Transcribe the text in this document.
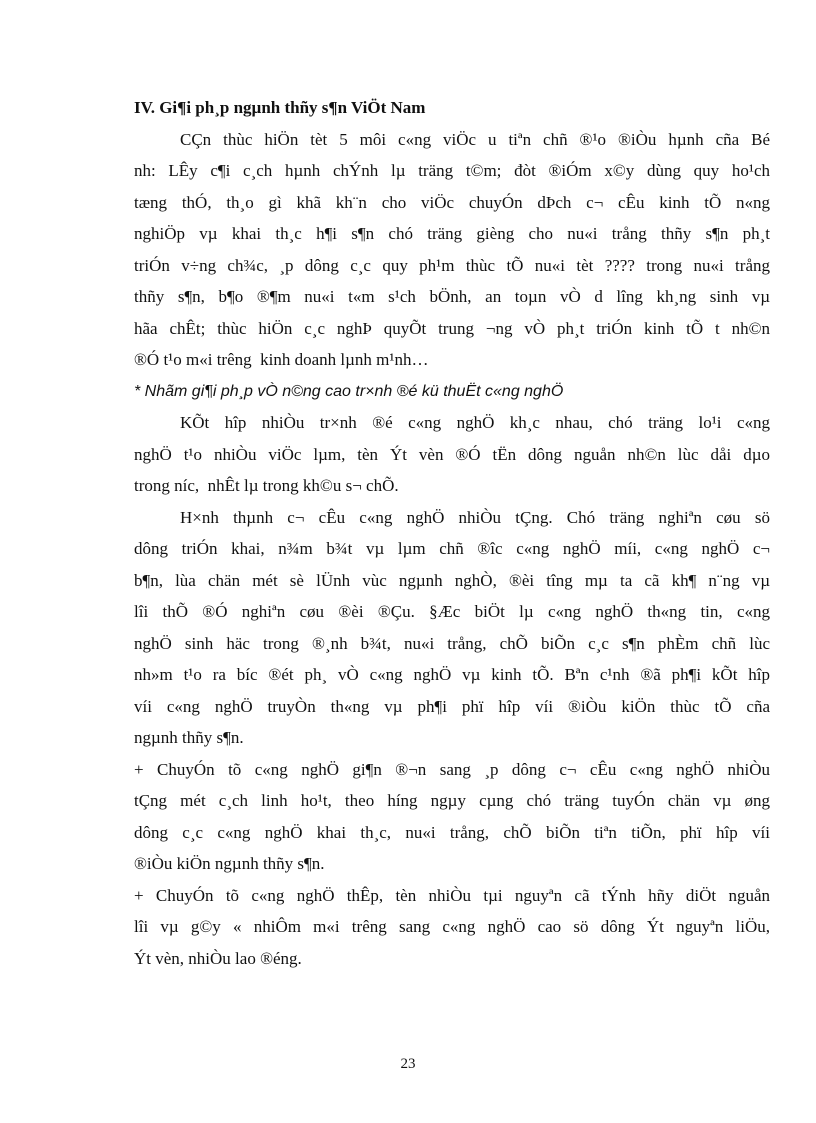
IV. Gi¶i ph¸p ngµnh thñy s¶n ViÖt Nam
CÇn thùc hiÖn tèt 5 môi c«ng viÖc u tiªn chñ ®¹o ®iÒu hµnh cña Bé
nh: LÊy c¶i c¸ch hµnh chÝnh lµ träng t©m; đòt ®iÓm x©y dùng quy ho¹ch
tæng thÓ, th¸o gì khã kh¨n cho viÖc chuyÓn dÞch c¬ cÊu kinh tÕ n«ng
nghiÖp vµ khai th¸c h¶i s¶n chó träng gièng cho nu«i trång thñy s¶n ph¸t
triÓn v÷ng ch¾c, ¸p dông c¸c quy ph¹m thùc tÕ nu«i tèt ???? trong nu«i trång
thñy s¶n, b¶o ®¶m nu«i t«m s¹ch bÖnh, an toµn vÒ d lîng kh¸ng sinh vµ
hãa chÊt; thùc hiÖn c¸c nghÞ quyÕt trung ¬ng vÒ ph¸t triÓn kinh tÕ t nh©n
®Ó t¹o m«i trêng  kinh doanh lµnh m¹nh…
* Nhãm gi¶i ph¸p vÒ n©ng cao tr×nh ®é kü thuËt c«ng nghÖ
KÕt hîp nhiÒu tr×nh ®é c«ng nghÖ kh¸c nhau, chó träng lo¹i c«ng
nghÖ t¹o nhiÒu viÖc lµm, tèn Ýt vèn ®Ó tËn dông nguån nh©n lùc dåi dµo
trong níc,  nhÊt lµ trong kh©u s¬ chÕ.
H×nh thµnh c¬ cÊu c«ng nghÖ nhiÒu tÇng. Chó träng nghiªn cøu sö
dông triÓn khai, n¾m b¾t vµ lµm chñ ®îc c«ng nghÖ míi, c«ng nghÖ c¬
b¶n, lùa chän mét sè lÜnh vùc ngµnh nghÒ, ®èi tîng mµ ta cã kh¶ n¨ng vµ
lîi thÕ ®Ó nghiªn cøu ®èi ®Çu. §Æc biÖt lµ c«ng nghÖ th«ng tin, c«ng
nghÖ sinh häc trong ®¸nh b¾t, nu«i trång, chÕ biÕn c¸c s¶n phÈm chñ lùc
nh»m t¹o ra bíc ®ét ph¸ vÒ c«ng nghÖ vµ kinh tÕ. Bªn c¹nh ®ã ph¶i kÕt hîp
víi c«ng nghÖ truyÒn th«ng vµ ph¶i phï hîp víi ®iÒu kiÖn thùc tÕ cña
ngµnh thñy s¶n.
+ ChuyÓn tõ c«ng nghÖ gi¶n ®¬n sang ¸p dông c¬ cÊu c«ng nghÖ nhiÒu
tÇng mét c¸ch linh ho¹t, theo híng ngµy cµng chó träng tuyÓn chän vµ øng
dông c¸c c«ng nghÖ khai th¸c, nu«i trång, chÕ biÕn tiªn tiÕn, phï hîp víi
®iÒu kiÖn ngµnh thñy s¶n.
+ ChuyÓn tõ c«ng nghÖ thÊp, tèn nhiÒu tµi nguyªn cã tÝnh hñy diÖt nguån
lîi vµ g©y « nhiÔm m«i trêng sang c«ng nghÖ cao sö dông Ýt nguyªn liÖu,
Ýt vèn, nhiÒu lao ®éng.
23
